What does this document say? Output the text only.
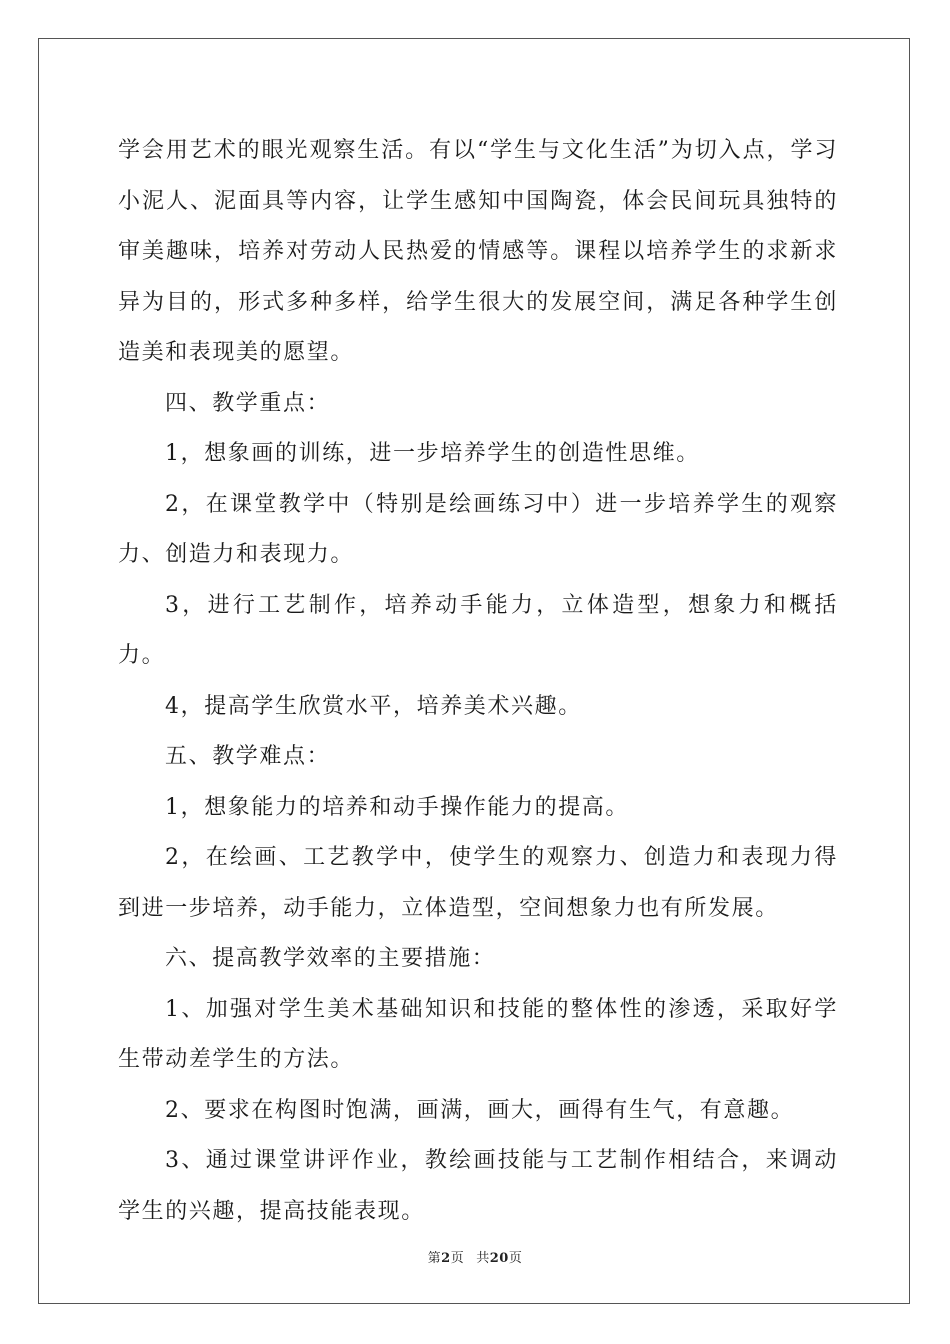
学会用艺术的眼光观察生活。有以“学生与文化生活”为切入点，学习小泥人、泥面具等内容，让学生感知中国陶瓷，体会民间玩具独特的审美趣味，培养对劳动人民热爱的情感等。课程以培养学生的求新求异为目的，形式多种多样，给学生很大的发展空间，满足各种学生创造美和表现美的愿望。

四、教学重点：

1，想象画的训练，进一步培养学生的创造性思维。

2，在课堂教学中（特别是绘画练习中）进一步培养学生的观察力、创造力和表现力。

3，进行工艺制作，培养动手能力，立体造型，想象力和概括力。

4，提高学生欣赏水平，培养美术兴趣。

五、教学难点：

1，想象能力的培养和动手操作能力的提高。

2，在绘画、工艺教学中，使学生的观察力、创造力和表现力得到进一步培养，动手能力，立体造型，空间想象力也有所发展。

六、提高教学效率的主要措施：

1、加强对学生美术基础知识和技能的整体性的渗透，采取好学生带动差学生的方法。

2、要求在构图时饱满，画满，画大，画得有生气，有意趣。

3、通过课堂讲评作业，教绘画技能与工艺制作相结合，来调动学生的兴趣，提高技能表现。

第2页 共20页
